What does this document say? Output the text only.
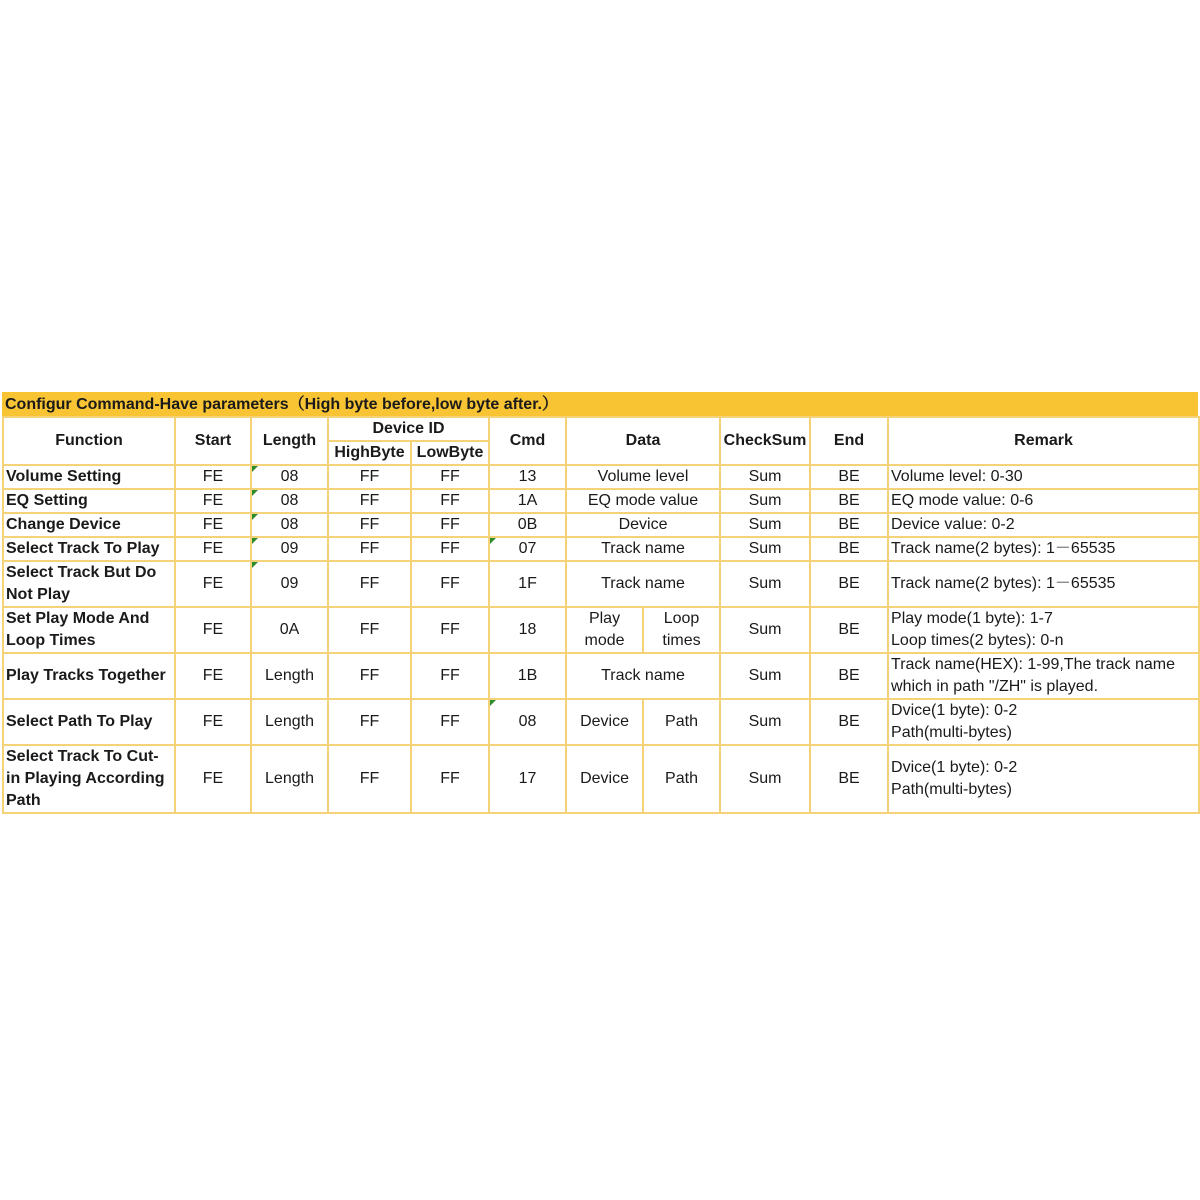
Configur Command-Have parameters（High byte before,low byte after.）
Function	Start	Length	Device ID		Cmd	Data		CheckSum	End	Remark
			HighByte	LowByte						
Volume Setting	FE	08	FF	FF	13	Volume level		Sum	BE	Volume level: 0-30
EQ Setting	FE	08	FF	FF	1A	EQ mode value		Sum	BE	EQ mode value: 0-6
Change Device	FE	08	FF	FF	0B	Device		Sum	BE	Device value: 0-2
Select Track To Play	FE	09	FF	FF	07	Track name		Sum	BE	Track name(2 bytes): 1－65535
Select Track But Do Not Play	FE	09	FF	FF	1F	Track name		Sum	BE	Track name(2 bytes): 1－65535
Set Play Mode And Loop Times	FE	0A	FF	FF	18	Play mode	Loop times	Sum	BE	Play mode(1 byte): 1-7
Loop times(2 bytes): 0-n
Play Tracks Together	FE	Length	FF	FF	1B	Track name		Sum	BE	Track name(HEX): 1-99,The track name
which in path "/ZH" is played.
Select Path To Play	FE	Length	FF	FF	08	Device	Path	Sum	BE	Dvice(1 byte): 0-2
Path(multi-bytes)
Select Track To Cut-in Playing According Path	FE	Length	FF	FF	17	Device	Path	Sum	BE	Dvice(1 byte): 0-2
Path(multi-bytes)
